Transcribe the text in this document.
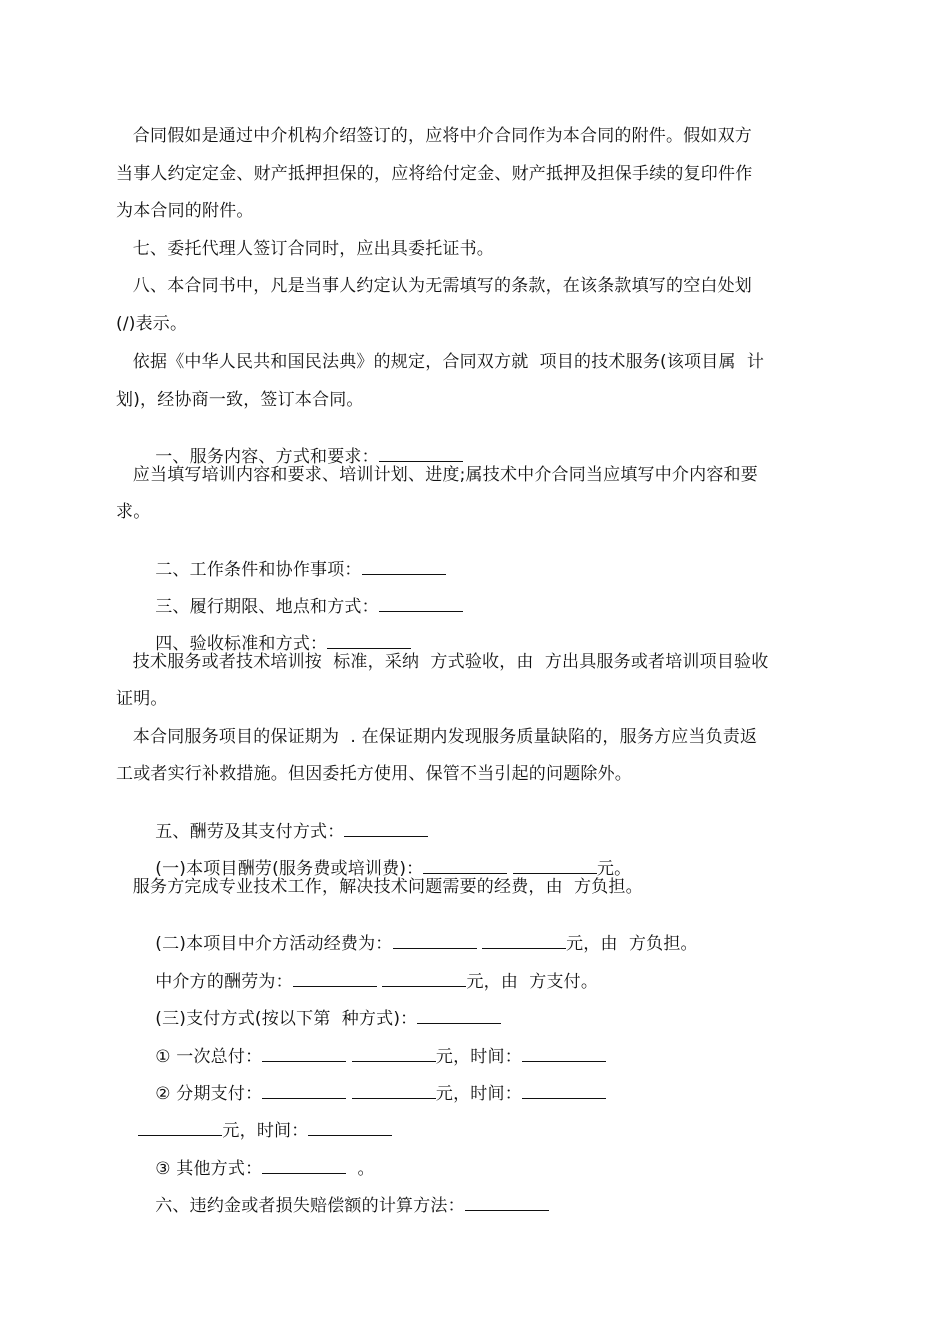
合同假如是通过中介机构介绍签订的，应将中介合同作为本合同的附件。假如双方
当事人约定定金、财产抵押担保的，应将给付定金、财产抵押及担保手续的复印件作
为本合同的附件。
七、委托代理人签订合同时，应出具委托证书。
八、本合同书中，凡是当事人约定认为无需填写的条款，在该条款填写的空白处划
(/)表示。
依据《中华人民共和国民法典》的规定，合同双方就  项目的技术服务(该项目属  计
划)，经协商一致，签订本合同。

一、服务内容、方式和要求：

应当填写培训内容和要求、培训计划、进度;属技术中介合同当应填写中介内容和要
求。

二、工作条件和协作事项：

三、履行期限、地点和方式：

四、验收标准和方式：

技术服务或者技术培训按  标准，采纳  方式验收，由  方出具服务或者培训项目验收
证明。
本合同服务项目的保证期为  . 在保证期内发现服务质量缺陷的，服务方应当负责返
工或者实行补救措施。但因委托方使用、保管不当引起的问题除外。

五、酬劳及其支付方式：

(一)本项目酬劳(服务费或培训费)：	元。

服务方完成专业技术工作，解决技术问题需要的经费，由  方负担。

(二)本项目中介方活动经费为：	元，由  方负担。

中介方的酬劳为：	元，由  方支付。

(三)支付方式(按以下第  种方式)：

① 一次总付：	元，时间：

② 分期支付：	元，时间：

元，时间：

③ 其他方式：	。

六、违约金或者损失赔偿额的计算方法：
